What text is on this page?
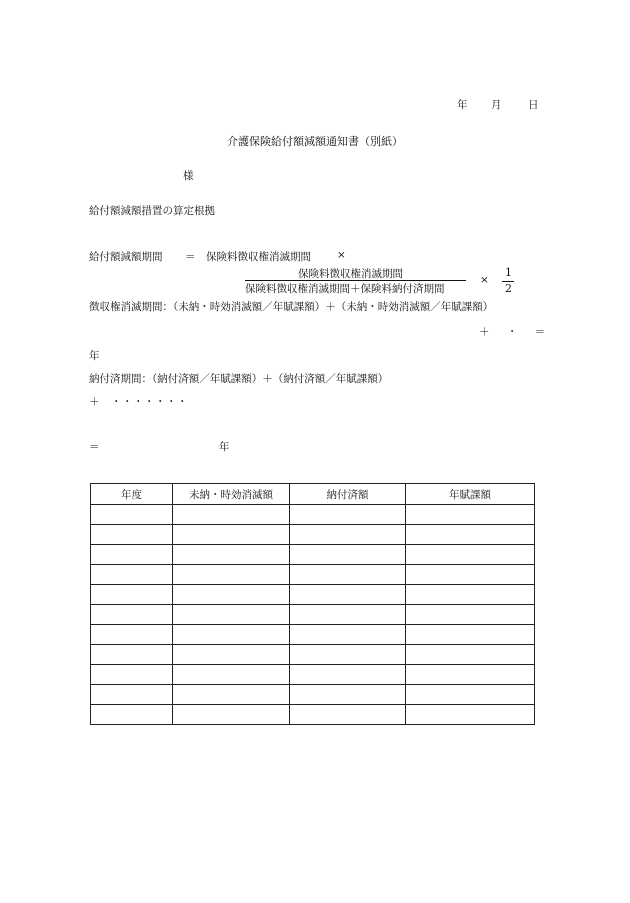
年 月	日
介護保険給付額減額通知書（別紙）
様
給付額減額措置の算定根拠
給付額減額期間 ＝ 保険料徴収権消滅期間 ×
保険料徴収権消滅期間
保険料徴収権消滅期間＋保険料納付済期間
×
1
2
徴収権消滅期間：（未納・時効消滅額／年賦課額）＋（未納・時効消滅額／年賦課額）
＋ ・ ＝
年
納付済期間：（納付済額／年賦課額）＋（納付済額／年賦課額）
＋　・・・・・・・
＝	年
年度	未納・時効消滅額	納付済額	年賦課額
